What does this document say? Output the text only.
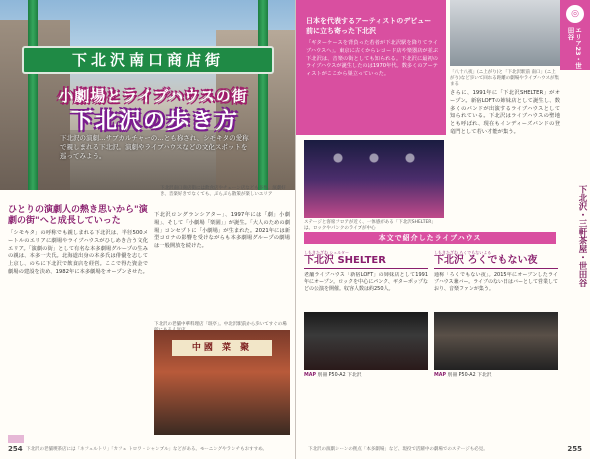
下北沢南口商店街
小劇場とライブハウスの街
下北沢の歩き方
下北沢の演劇…サブカルチャーの…とも称され、シモキタの愛称で親しまれる下北沢。演劇やライブハウスなどの文化スポットを巡ってみよう。
下北沢南口商店街には飲食店やチェーン店なども多数。演劇好き、音楽好きでなくても、ぶらぶら散策が楽しいエリア
ひとりの演劇人の熱き思いから"演劇の街"へと成長していった
「シモキタ」の呼称でも親しまれる下北沢は、半径500メートルのエリアに劇場やライブハウスがひしめき合う文化エリア。「演劇の街」として有名な本多劇場グループの生みの親は、本多一夫氏。北海道出身の本多氏は俳優を志して上京し、のちに下北沢で飲食店を経営。ここで得た資金で劇場の建設を決め、1982年に本多劇場をオープンさせた。
下北沢ロングランシアター」、1997年には「劇」小劇場」、そして「小劇場「楽園」」が誕生。「大人のための劇場」コンセプトに「小劇場」が生まれた。2021年には新型コロナの影響を受けながらも本多劇場グループの劇場は一般開放を続けた。
下北沢の老舗中華料理店「珉亭」。中北沢駅前から歩いてすぐの場
中國 菜 聚
254 下北沢の老舗喫茶店には「ネフェルトリ」「カフェ トロワ・シャンブル」などがある。モーニングやランチもおすすめ。
日本を代表するアーティストのデビュー前に立ち寄った下北沢
「ギターケースを背負った若者が下北沢駅を降りてライブハウスへ」。東京に古くからレコード店や楽器店が並ぶ下北沢は、音楽の街としても知られる。下北沢に最初のライブハウスが誕生したのは1970年代。数多くのアーティストがここから巣立っていった。	「八十八夜」(ニ上がり)と「下北沢駅前 南口」(ニ上がり)など歩いて回れる距離の劇場やライブハウスが集まる
さらに、1991年に「下北沢SHELTER」がオープン。新宿LOFTの姉妹店として誕生し、数多くのバンドが出演するライブハウスとして知られている。下北沢はライブハウスの聖地とも呼ばれ、現在もインディーズバンドの登竜門として若い才能が集う。
ステージと客席フロアが近く、一体感がある「下北沢SHELTER」は、ロックやパンクのライブが中心
◎
エリア23・世田谷
下北沢・三軒茶屋・世田谷
本文で紹介したライブハウス
しもきたざわ シェルター
下北沢 SHELTER
老舗ライブハウス「新宿LOFT」の姉妹店として1991年にオープン。ロックを中心にパンク、ギターポップなどの公演を開催。収容人数は約250人。
MAP 別冊 P50-A2 下北沢
しもきたざわ ろくでもないよる
下北沢 ろくでもない夜
通称「ろくでもない夜」。2015年にオープンしたライブハウス兼バー。ライブのない日はバーとして営業しており、音楽ファンが集う。
MAP 別冊 P50-A2 下北沢
255
下北沢の演劇シーンの拠点「本多劇場」など、現役で活躍中の劇場でのステージも必見。
